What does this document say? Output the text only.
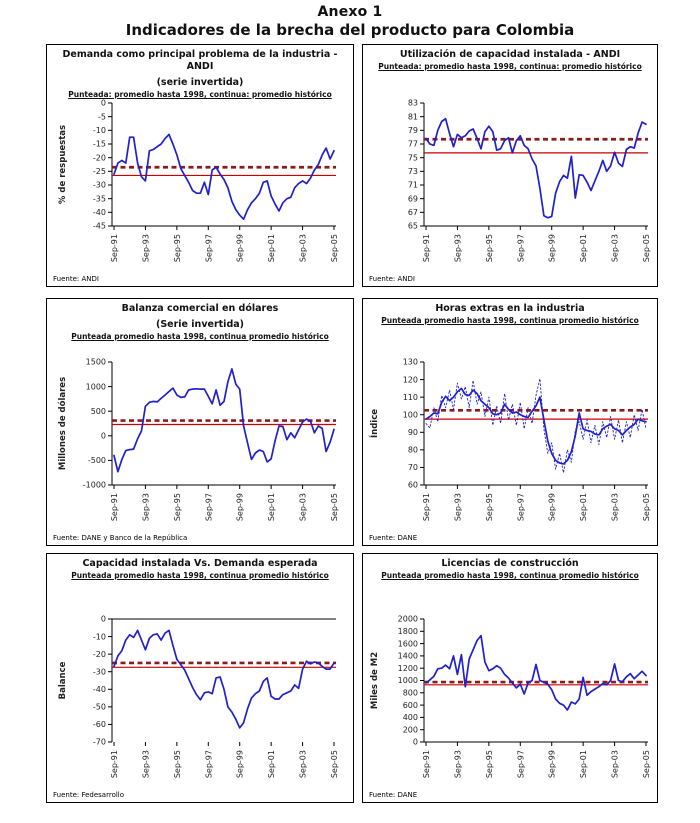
Anexo 1
Indicadores de la brecha del producto para Colombia
Demanda como principal problema de la industria - ANDI
(serie invertida)
Punteada: promedio hasta 1998, continua: promedio histórico
0
-5
-10
-15
-20
-25
-30
-35
-40
-45
Sep-91	Sep-93	Sep-95	Sep-97	Sep-99	Sep-01	Sep-03	Sep-05
% de respuestas
Fuente: ANDI
Utilización de capacidad instalada - ANDI
Punteada: promedio hasta 1998, continua: promedio histórico
83
81
79
77
75
73
71
69
67
65
Sep-91	Sep-93	Sep-95	Sep-97	Sep-99	Sep-01	Sep-03	Sep-05
Fuente: ANDI
Balanza comercial en dólares
(Serie invertida)
Punteada promedio hasta 1998, continua promedio histórico
1500
1000
500
0
-500
-1000
Sep-91	Sep-93	Sep-95	Sep-97	Sep-99	Sep-01	Sep-03	Sep-05
Millones de dólares
Fuente: DANE y Banco de la República
Horas extras en la industria
Punteada promedio hasta 1998, continua promedio histórico
130
120
110
100
90
80
70
60
Sep-91	Sep-93	Sep-95	Sep-97	Sep-99	Sep-01	Sep-03	Sep-05
Índice
Fuente: DANE
Capacidad instalada Vs. Demanda esperada
Punteada promedio hasta 1998, continua promedio histórico
0
-10
-20
-30
-40
-50
-60
-70
Sep-91	Sep-93	Sep-95	Sep-97	Sep-99	Sep-01	Sep-03	Sep-05
Balance
Fuente: Fedesarrollo
Licencias de construcción
Punteada promedio hasta 1998, continua promedio histórico
2000
1800
1600
1400
1200
1000
800
600
400
200
0
Sep-91	Sep-93	Sep-95	Sep-97	Sep-99	Sep-01	Sep-03	Sep-05
Miles de M2
Fuente: DANE
